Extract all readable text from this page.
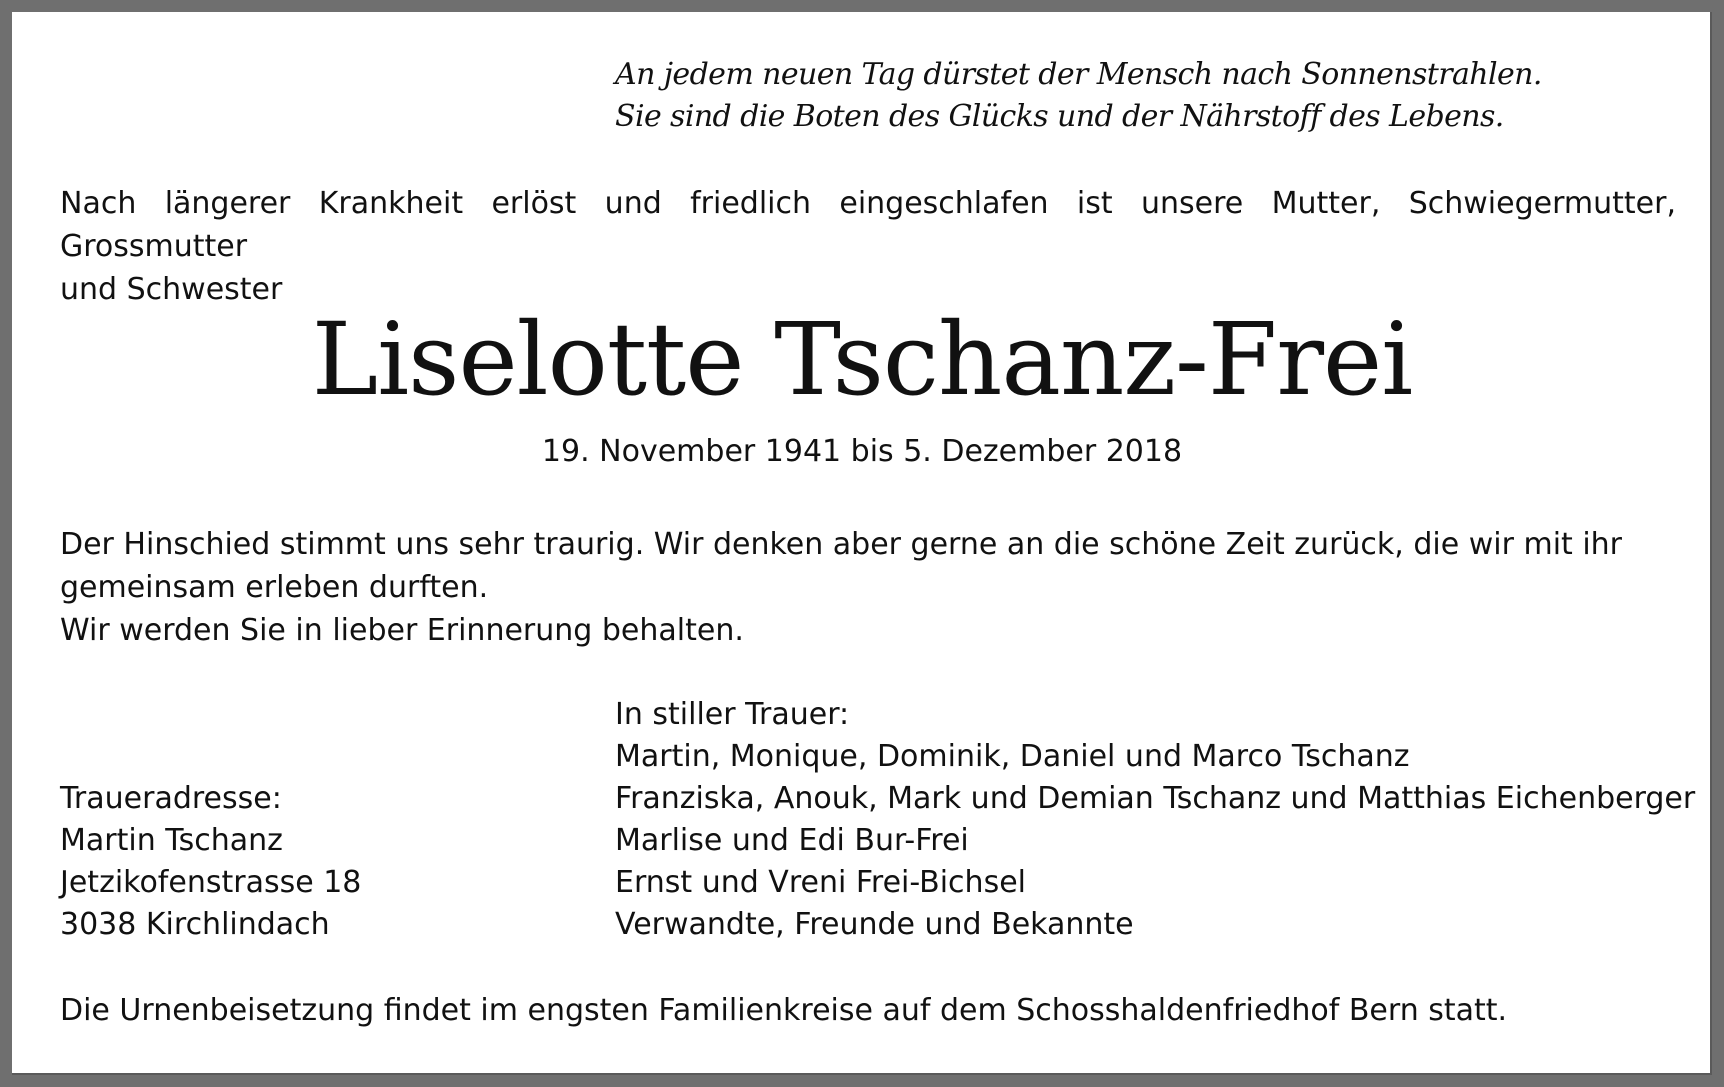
An jedem neuen Tag dürstet der Mensch nach Sonnenstrahlen.
Sie sind die Boten des Glücks und der Nährstoff des Lebens.
Nach längerer Krankheit erlöst und friedlich eingeschlafen ist unsere Mutter, Schwiegermutter, Grossmutter
und Schwester
Liselotte Tschanz-Frei
19. November 1941 bis 5. Dezember 2018
Der Hinschied stimmt uns sehr traurig. Wir denken aber gerne an die schöne Zeit zurück, die wir mit ihr
gemeinsam erleben durften.
Wir werden Sie in lieber Erinnerung behalten.
In stiller Trauer:
Martin, Monique, Dominik, Daniel und Marco Tschanz
Franziska, Anouk, Mark und Demian Tschanz und Matthias Eichenberger
Marlise und Edi Bur-Frei
Ernst und Vreni Frei-Bichsel
Verwandte, Freunde und Bekannte
Traueradresse:
Martin Tschanz
Jetzikofenstrasse 18
3038 Kirchlindach
Die Urnenbeisetzung findet im engsten Familienkreise auf dem Schosshaldenfriedhof Bern statt.
